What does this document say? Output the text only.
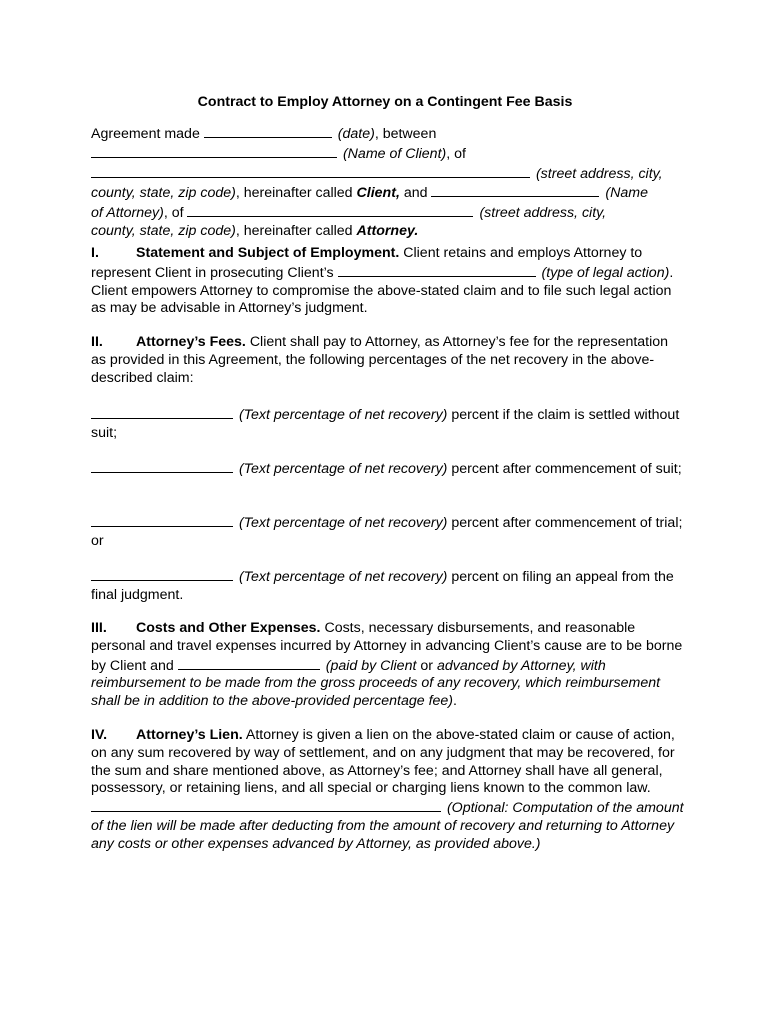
Contract to Employ Attorney on a Contingent Fee Basis
Agreement made	(date), between
(Name of Client), of
(street address, city,
county, state, zip code), hereinafter called Client, and	(Name
of Attorney), of	(street address, city,
county, state, zip code), hereinafter called Attorney.
I.	Statement and Subject of Employment. Client retains and employs Attorney to represent Client in prosecuting Client’s	(type of legal action). Client empowers Attorney to compromise the above-stated claim and to file such legal action as may be advisable in Attorney’s judgment.
II. Attorney’s Fees. Client shall pay to Attorney, as Attorney’s fee for the representation as provided in this Agreement, the following percentages of the net recovery in the above-described claim:
(Text percentage of net recovery) percent if the claim is settled without suit;
(Text percentage of net recovery) percent after commencement of suit;
(Text percentage of net recovery) percent after commencement of trial; or
(Text percentage of net recovery) percent on filing an appeal from the final judgment.
III. Costs and Other Expenses. Costs, necessary disbursements, and reasonable personal and travel expenses incurred by Attorney in advancing Client’s cause are to be borne by Client and	(paid by Client or advanced by Attorney, with reimbursement to be made from the gross proceeds of any recovery, which reimbursement shall be in addition to the above-provided percentage fee).
IV. Attorney’s Lien. Attorney is given a lien on the above-stated claim or cause of action, on any sum recovered by way of settlement, and on any judgment that may be recovered, for the sum and share mentioned above, as Attorney’s fee; and Attorney shall have all general, possessory, or retaining liens, and all special or charging liens known to the common law.
(Optional: Computation of the amount of the lien will be made after deducting from the amount of recovery and returning to Attorney any costs or other expenses advanced by Attorney, as provided above.)
